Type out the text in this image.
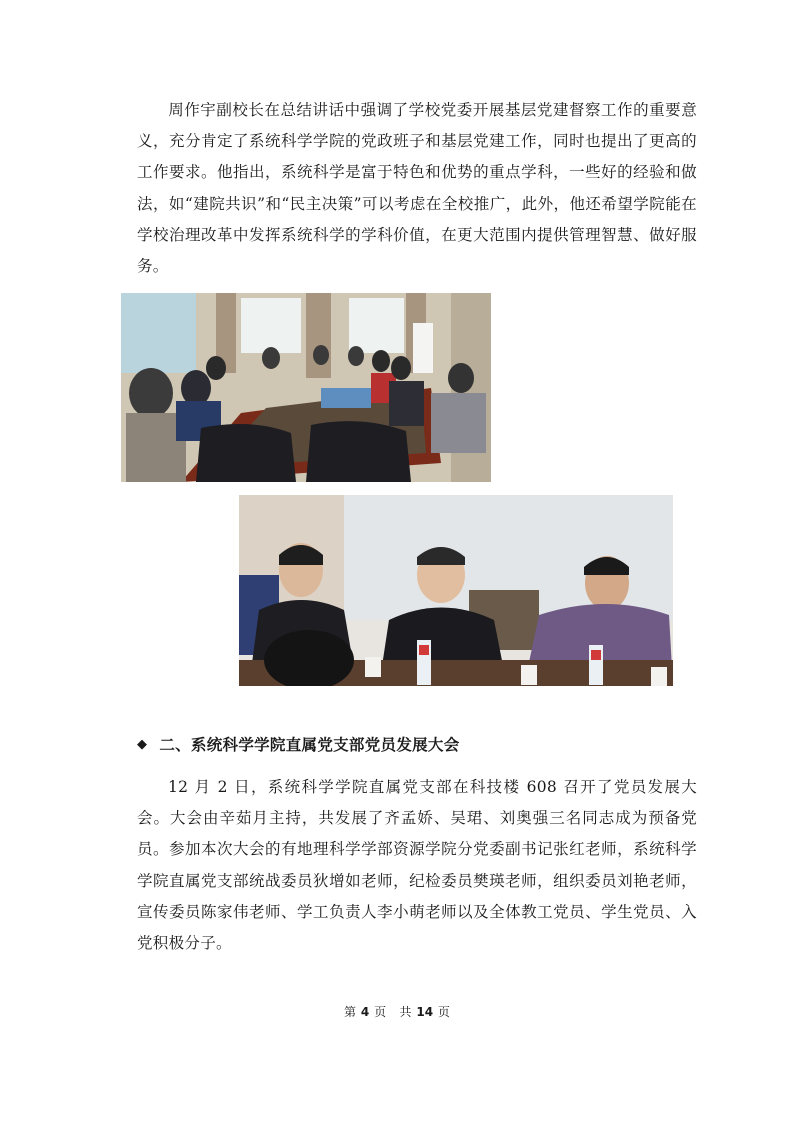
周作宇副校长在总结讲话中强调了学校党委开展基层党建督察工作的重要意义，充分肯定了系统科学学院的党政班子和基层党建工作，同时也提出了更高的工作要求。他指出，系统科学是富于特色和优势的重点学科，一些好的经验和做法，如“建院共识”和“民主决策”可以考虑在全校推广，此外，他还希望学院能在学校治理改革中发挥系统科学的学科价值，在更大范围内提供管理智慧、做好服务。

◆ 二、系统科学学院直属党支部党员发展大会

12 月 2 日，系统科学学院直属党支部在科技楼 608 召开了党员发展大会。大会由辛茹月主持，共发展了齐孟娇、吴珺、刘奥强三名同志成为预备党员。参加本次大会的有地理科学学部资源学院分党委副书记张红老师，系统科学学院直属党支部统战委员狄增如老师，纪检委员樊瑛老师，组织委员刘艳老师，宣传委员陈家伟老师、学工负责人李小萌老师以及全体教工党员、学生党员、入党积极分子。

第 4 页 共 14 页
